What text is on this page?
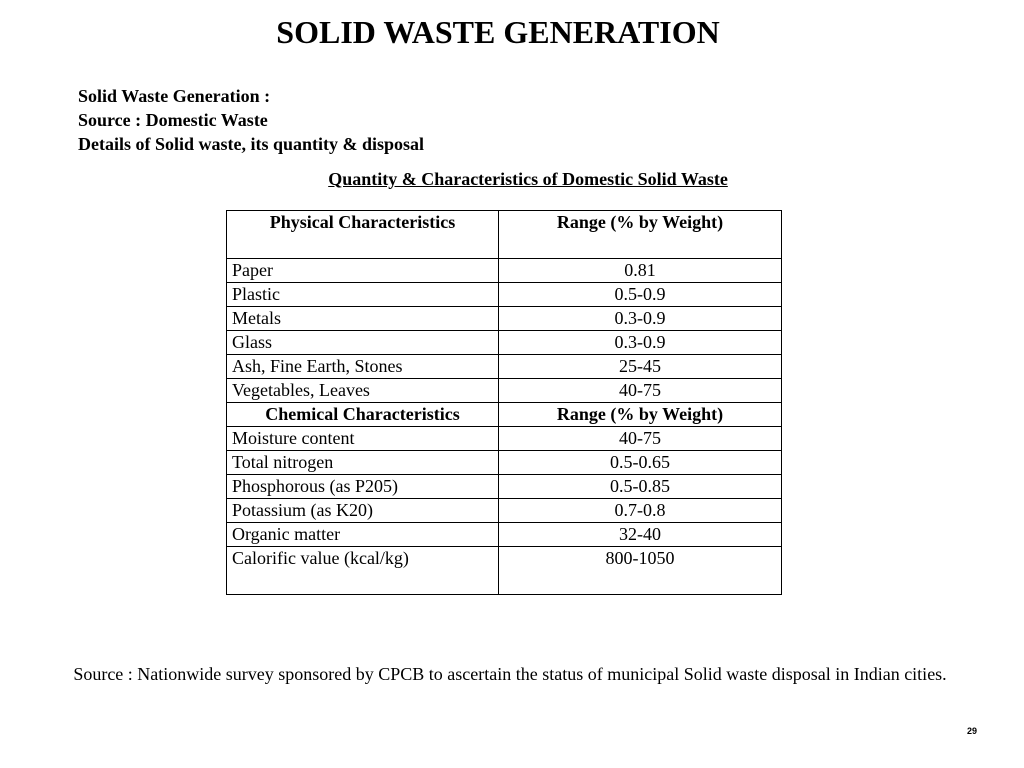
SOLID WASTE GENERATION
Solid Waste Generation :
Source : Domestic Waste
Details of Solid waste, its quantity & disposal
Quantity & Characteristics of Domestic Solid Waste
Physical Characteristics	Range (% by Weight)
Paper	0.81
Plastic	0.5-0.9
Metals	0.3-0.9
Glass	0.3-0.9
Ash, Fine Earth, Stones	25-45
Vegetables, Leaves	40-75
Chemical Characteristics	Range (% by Weight)
Moisture content	40-75
Total nitrogen	0.5-0.65
Phosphorous (as P205)	0.5-0.85
Potassium (as K20)	0.7-0.8
Organic matter	32-40
Calorific value (kcal/kg)	800-1050
Source : Nationwide survey sponsored by CPCB to ascertain the status of municipal Solid waste disposal in Indian cities.
29
